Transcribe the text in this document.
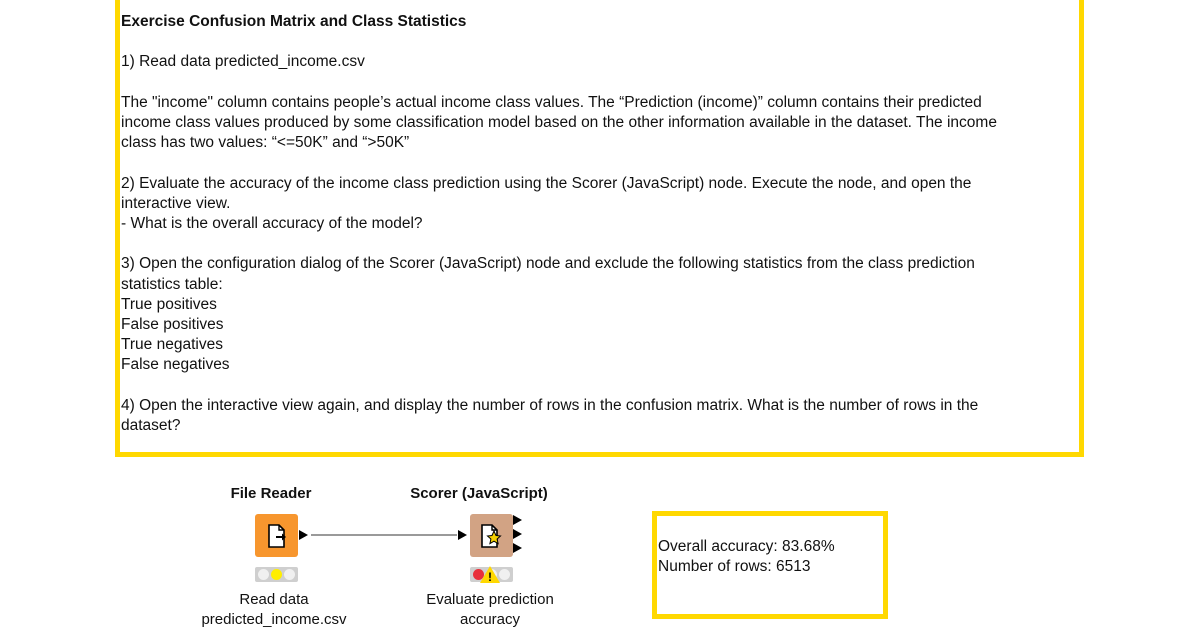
Exercise Confusion Matrix and Class Statistics

1) Read data predicted_income.csv

The "income" column contains people’s actual income class values. The “Prediction (income)” column contains their predicted

income class values produced by some classification model based on the other information available in the dataset. The income

class has two values: “<=50K” and “>50K”

2) Evaluate the accuracy of the income class prediction using the Scorer (JavaScript) node. Execute the node, and open the

interactive view.

- What is the overall accuracy of the model?

3) Open the configuration dialog of the Scorer (JavaScript) node and exclude the following statistics from the class prediction

statistics table:

True positives

False positives

True negatives

False negatives

4) Open the interactive view again, and display the number of rows in the confusion matrix. What is the number of rows in the

dataset?

File Reader
Read data
predicted_income.csv
Scorer (JavaScript)
!
Evaluate prediction
accuracy
Overall accuracy: 83.68%
Number of rows: 6513
